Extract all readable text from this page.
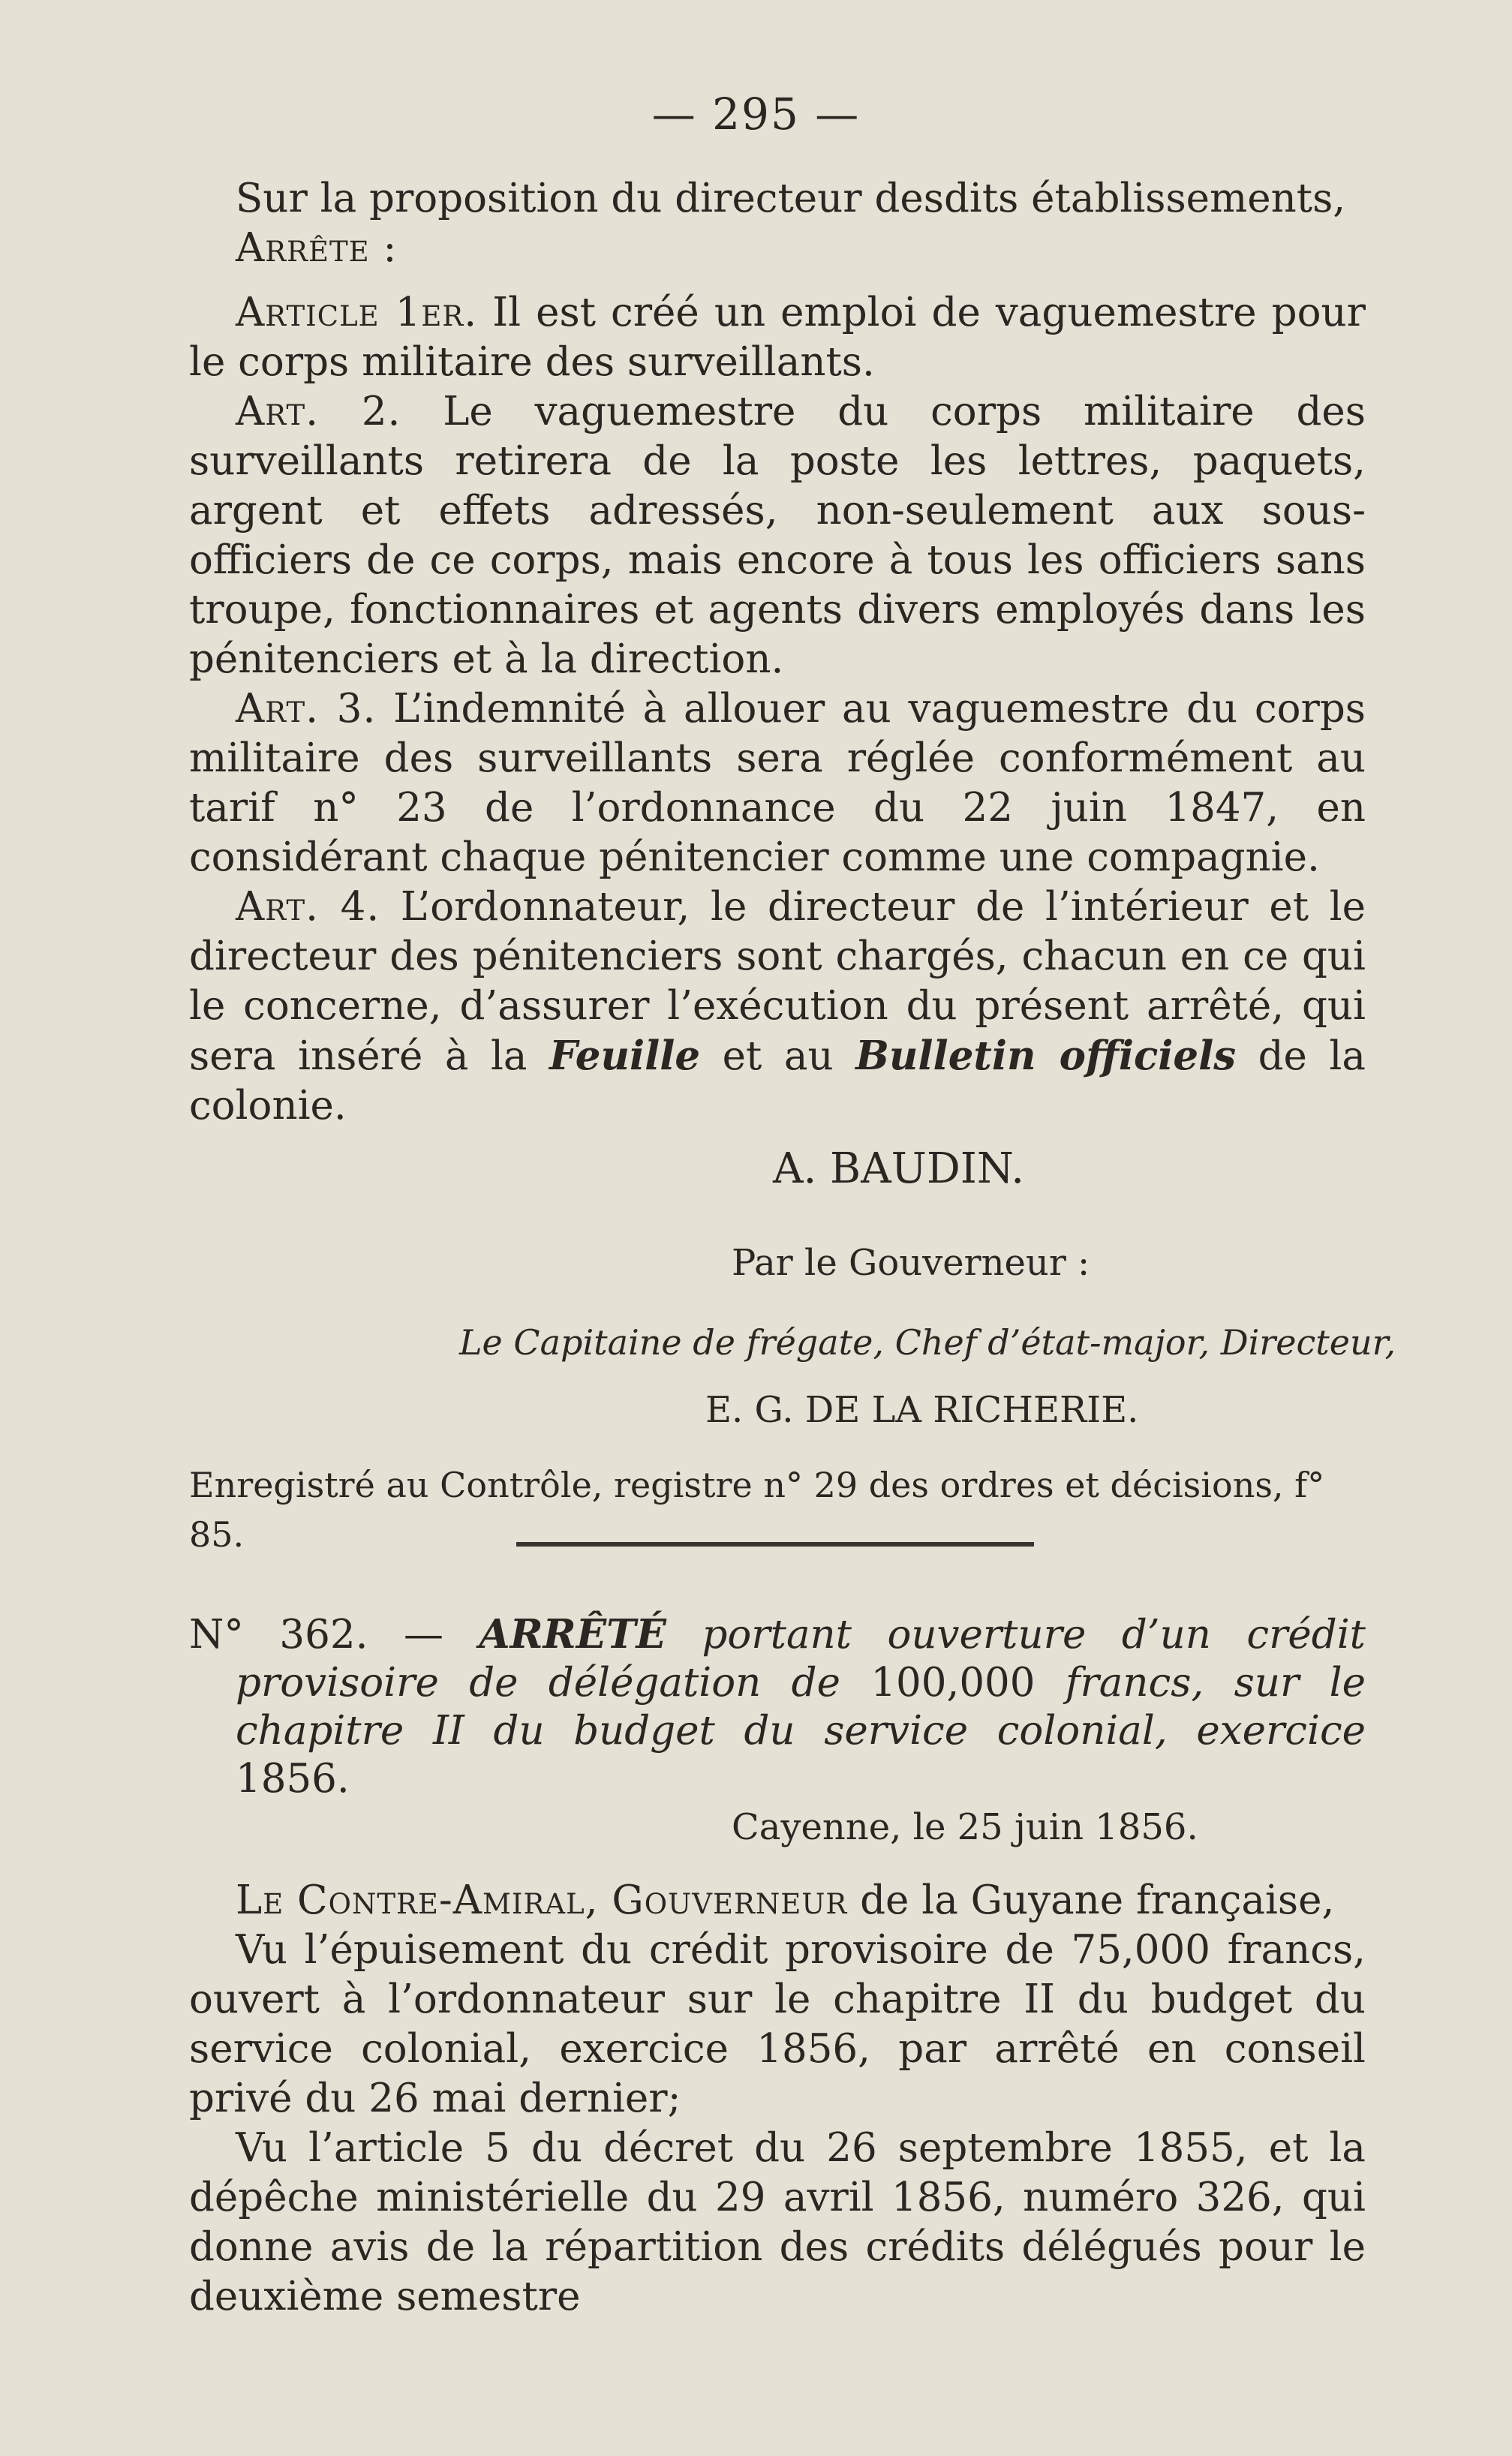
— 295 —

Sur la proposition du directeur desdits établissements,

Arrête :

Article 1er. Il est créé un emploi de vaguemestre pour le corps militaire des surveillants.

Art. 2. Le vaguemestre du corps militaire des surveillants retirera de la poste les lettres, paquets, argent et effets adressés, non-seulement aux sous-officiers de ce corps, mais encore à tous les officiers sans troupe, fonctionnaires et agents divers employés dans les pénitenciers et à la direction.

Art. 3. L’indemnité à allouer au vaguemestre du corps militaire des surveillants sera réglée conformément au tarif n° 23 de l’ordonnance du 22 juin 1847, en considérant chaque pénitencier comme une compagnie.

Art. 4. L’ordonnateur, le directeur de l’intérieur et le directeur des pénitenciers sont chargés, chacun en ce qui le concerne, d’assurer l’exécution du présent arrêté, qui sera inséré à la Feuille et au Bulletin officiels de la colonie.

A. BAUDIN.
Par le Gouverneur :
Le Capitaine de frégate, Chef d’état-major, Directeur,
E. G. DE LA RICHERIE.
Enregistré au Contrôle, registre n° 29 des ordres et décisions, f° 85.

N° 362. — ARRÊTÉ portant ouverture d’un crédit provisoire de délégation de 100,000 francs, sur le chapitre II du budget du service colonial, exercice 1856.

Cayenne, le 25 juin 1856.

Le Contre-Amiral, Gouverneur de la Guyane française,

Vu l’épuisement du crédit provisoire de 75,000 francs, ouvert à l’ordonnateur sur le chapitre II du budget du service colonial, exercice 1856, par arrêté en conseil privé du 26 mai dernier;

Vu l’article 5 du décret du 26 septembre 1855, et la dépêche ministérielle du 29 avril 1856, numéro 326, qui donne avis de la répartition des crédits délégués pour le deuxième semestre
